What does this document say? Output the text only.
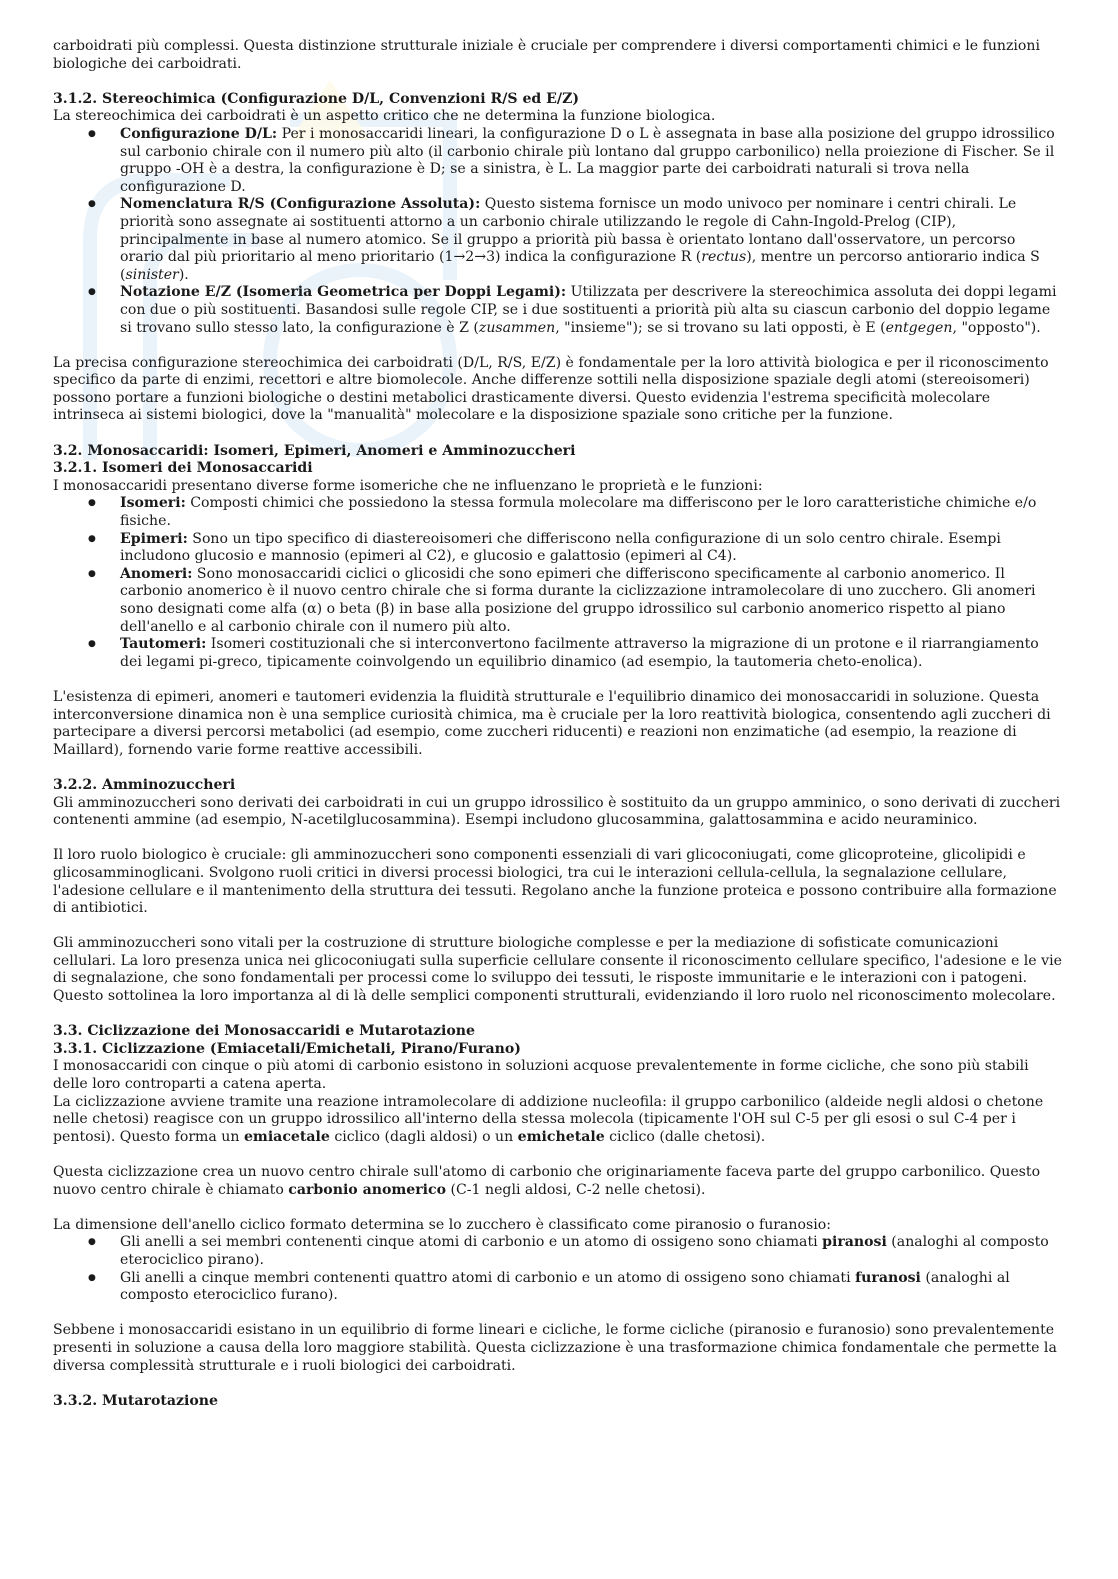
carboidrati più complessi. Questa distinzione strutturale iniziale è cruciale per comprendere i diversi comportamenti chimici e le funzioni biologiche dei carboidrati.

3.1.2. Stereochimica (Configurazione D/L, Convenzioni R/S ed E/Z)

La stereochimica dei carboidrati è un aspetto critico che ne determina la funzione biologica.

● Configurazione D/L: Per i monosaccaridi lineari, la configurazione D o L è assegnata in base alla posizione del gruppo idrossilico sul carbonio chirale con il numero più alto (il carbonio chirale più lontano dal gruppo carbonilico) nella proiezione di Fischer. Se il gruppo -OH è a destra, la configurazione è D; se a sinistra, è L. La maggior parte dei carboidrati naturali si trova nella configurazione D.
● Nomenclatura R/S (Configurazione Assoluta): Questo sistema fornisce un modo univoco per nominare i centri chirali. Le priorità sono assegnate ai sostituenti attorno a un carbonio chirale utilizzando le regole di Cahn-Ingold-Prelog (CIP), principalmente in base al numero atomico. Se il gruppo a priorità più bassa è orientato lontano dall'osservatore, un percorso orario dal più prioritario al meno prioritario (1→2→3) indica la configurazione R (rectus), mentre un percorso antiorario indica S (sinister).
● Notazione E/Z (Isomeria Geometrica per Doppi Legami): Utilizzata per descrivere la stereochimica assoluta dei doppi legami con due o più sostituenti. Basandosi sulle regole CIP, se i due sostituenti a priorità più alta su ciascun carbonio del doppio legame si trovano sullo stesso lato, la configurazione è Z (zusammen, "insieme"); se si trovano su lati opposti, è E (entgegen, "opposto").

La precisa configurazione stereochimica dei carboidrati (D/L, R/S, E/Z) è fondamentale per la loro attività biologica e per il riconoscimento specifico da parte di enzimi, recettori e altre biomolecole. Anche differenze sottili nella disposizione spaziale degli atomi (stereoisomeri) possono portare a funzioni biologiche o destini metabolici drasticamente diversi. Questo evidenzia l'estrema specificità molecolare intrinseca ai sistemi biologici, dove la "manualità" molecolare e la disposizione spaziale sono critiche per la funzione.

3.2. Monosaccaridi: Isomeri, Epimeri, Anomeri e Amminozuccheri
3.2.1. Isomeri dei Monosaccaridi

I monosaccaridi presentano diverse forme isomeriche che ne influenzano le proprietà e le funzioni:

● Isomeri: Composti chimici che possiedono la stessa formula molecolare ma differiscono per le loro caratteristiche chimiche e/o fisiche.
● Epimeri: Sono un tipo specifico di diastereoisomeri che differiscono nella configurazione di un solo centro chirale. Esempi includono glucosio e mannosio (epimeri al C2), e glucosio e galattosio (epimeri al C4).
● Anomeri: Sono monosaccaridi ciclici o glicosidi che sono epimeri che differiscono specificamente al carbonio anomerico. Il carbonio anomerico è il nuovo centro chirale che si forma durante la ciclizzazione intramolecolare di uno zucchero. Gli anomeri sono designati come alfa (α) o beta (β) in base alla posizione del gruppo idrossilico sul carbonio anomerico rispetto al piano dell'anello e al carbonio chirale con il numero più alto.
● Tautomeri: Isomeri costituzionali che si interconvertono facilmente attraverso la migrazione di un protone e il riarrangiamento dei legami pi-greco, tipicamente coinvolgendo un equilibrio dinamico (ad esempio, la tautomeria cheto-enolica).

L'esistenza di epimeri, anomeri e tautomeri evidenzia la fluidità strutturale e l'equilibrio dinamico dei monosaccaridi in soluzione. Questa interconversione dinamica non è una semplice curiosità chimica, ma è cruciale per la loro reattività biologica, consentendo agli zuccheri di partecipare a diversi percorsi metabolici (ad esempio, come zuccheri riducenti) e reazioni non enzimatiche (ad esempio, la reazione di Maillard), fornendo varie forme reattive accessibili.

3.2.2. Amminozuccheri

Gli amminozuccheri sono derivati dei carboidrati in cui un gruppo idrossilico è sostituito da un gruppo amminico, o sono derivati di zuccheri contenenti ammine (ad esempio, N-acetilglucosammina). Esempi includono glucosammina, galattosammina e acido neuraminico.

Il loro ruolo biologico è cruciale: gli amminozuccheri sono componenti essenziali di vari glicoconiugati, come glicoproteine, glicolipidi e glicosamminoglicani. Svolgono ruoli critici in diversi processi biologici, tra cui le interazioni cellula-cellula, la segnalazione cellulare, l'adesione cellulare e il mantenimento della struttura dei tessuti. Regolano anche la funzione proteica e possono contribuire alla formazione di antibiotici.

Gli amminozuccheri sono vitali per la costruzione di strutture biologiche complesse e per la mediazione di sofisticate comunicazioni cellulari. La loro presenza unica nei glicoconiugati sulla superficie cellulare consente il riconoscimento cellulare specifico, l'adesione e le vie di segnalazione, che sono fondamentali per processi come lo sviluppo dei tessuti, le risposte immunitarie e le interazioni con i patogeni. Questo sottolinea la loro importanza al di là delle semplici componenti strutturali, evidenziando il loro ruolo nel riconoscimento molecolare.

3.3. Ciclizzazione dei Monosaccaridi e Mutarotazione
3.3.1. Ciclizzazione (Emiacetali/Emichetali, Pirano/Furano)

I monosaccaridi con cinque o più atomi di carbonio esistono in soluzioni acquose prevalentemente in forme cicliche, che sono più stabili delle loro controparti a catena aperta.

La ciclizzazione avviene tramite una reazione intramolecolare di addizione nucleofila: il gruppo carbonilico (aldeide negli aldosi o chetone nelle chetosi) reagisce con un gruppo idrossilico all'interno della stessa molecola (tipicamente l'OH sul C-5 per gli esosi o sul C-4 per i pentosi). Questo forma un emiacetale ciclico (dagli aldosi) o un emichetale ciclico (dalle chetosi).

Questa ciclizzazione crea un nuovo centro chirale sull'atomo di carbonio che originariamente faceva parte del gruppo carbonilico. Questo nuovo centro chirale è chiamato carbonio anomerico (C-1 negli aldosi, C-2 nelle chetosi).

La dimensione dell'anello ciclico formato determina se lo zucchero è classificato come piranosio o furanosio:

● Gli anelli a sei membri contenenti cinque atomi di carbonio e un atomo di ossigeno sono chiamati piranosi (analoghi al composto eterociclico pirano).
● Gli anelli a cinque membri contenenti quattro atomi di carbonio e un atomo di ossigeno sono chiamati furanosi (analoghi al composto eterociclico furano).

Sebbene i monosaccaridi esistano in un equilibrio di forme lineari e cicliche, le forme cicliche (piranosio e furanosio) sono prevalentemente presenti in soluzione a causa della loro maggiore stabilità. Questa ciclizzazione è una trasformazione chimica fondamentale che permette la diversa complessità strutturale e i ruoli biologici dei carboidrati.

3.3.2. Mutarotazione
